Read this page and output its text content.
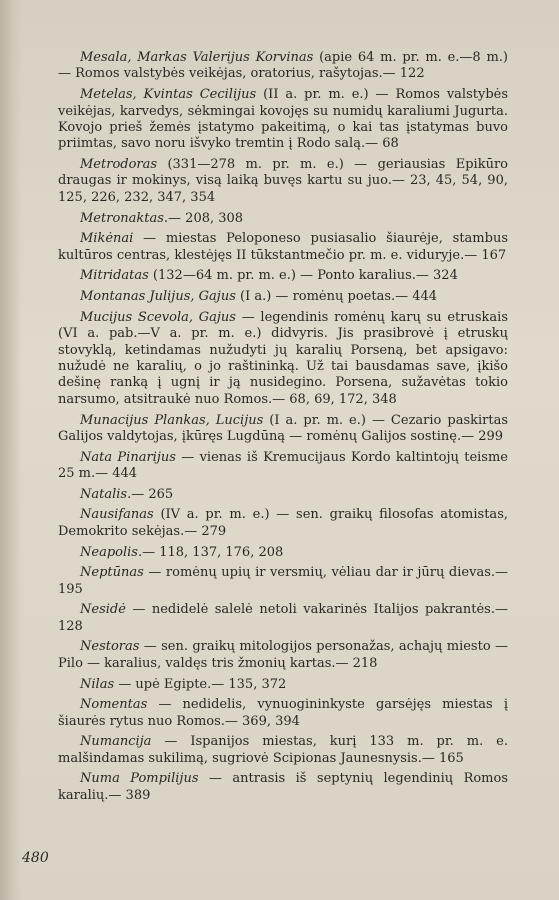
Mesala, Markas Valerijus Korvinas (apie 64 m. pr. m. e.—8 m.) — Romos valstybės veikėjas, oratorius, rašytojas.— 122

Metelas, Kvintas Cecilijus (II a. pr. m. e.) — Romos valstybės veikėjas, karvedys, sėkmingai kovojęs su numidų karaliumi Jugurta. Kovojo prieš žemės įstatymo pakeitimą, o kai tas įstatymas buvo priimtas, savo noru išvyko tremtin į Rodo salą.— 68

Metrodoras (331—278 m. pr. m. e.) — geriausias Epikūro draugas ir mokinys, visą laiką buvęs kartu su juo.— 23, 45, 54, 90, 125, 226, 232, 347, 354

Metronaktas.— 208, 308

Mikėnai — miestas Peloponeso pusiasalio šiaurėje, stambus kultūros centras, klestėjęs II tūkstantmečio pr. m. e. viduryje.— 167

Mitridatas (132—64 m. pr. m. e.) — Ponto karalius.— 324

Montanas Julijus, Gajus (I a.) — romėnų poetas.— 444

Mucijus Scevola, Gajus — legendinis romėnų karų su etruskais (VI a. pab.—V a. pr. m. e.) didvyris. Jis prasibrovė į etruskų stovyklą, ketindamas nužudyti jų karalių Porseną, bet apsigavo: nužudė ne karalių, o jo raštininką. Už tai bausdamas save, įkišo dešinę ranką į ugnį ir ją nusidegino. Porsena, sužavėtas tokio narsumo, atsitraukė nuo Romos.— 68, 69, 172, 348

Munacijus Plankas, Lucijus (I a. pr. m. e.) — Cezario paskirtas Galijos valdytojas, įkūręs Lugdūną — romėnų Galijos sostinę.— 299

Nata Pinarijus — vienas iš Kremucijaus Kordo kaltintojų teisme 25 m.— 444

Natalis.— 265

Nausifanas (IV a. pr. m. e.) — sen. graikų filosofas atomistas, Demokrito sekėjas.— 279

Neapolis.— 118, 137, 176, 208

Neptūnas — romėnų upių ir versmių, vėliau dar ir jūrų dievas.— 195

Nesidė — nedidelė salelė netoli vakarinės Italijos pakrantės.— 128

Nestoras — sen. graikų mitologijos personažas, achajų miesto — Pilo — karalius, valdęs tris žmonių kartas.— 218

Nilas — upė Egipte.— 135, 372

Nomentas — nedidelis, vynuogininkyste garsėjęs miestas į šiaurės rytus nuo Romos.— 369, 394

Numancija — Ispanijos miestas, kurį 133 m. pr. m. e. malšindamas sukilimą, sugriovė Scipionas Jaunesnysis.— 165

Numa Pompilijus — antrasis iš septynių legendinių Romos karalių.— 389

480
